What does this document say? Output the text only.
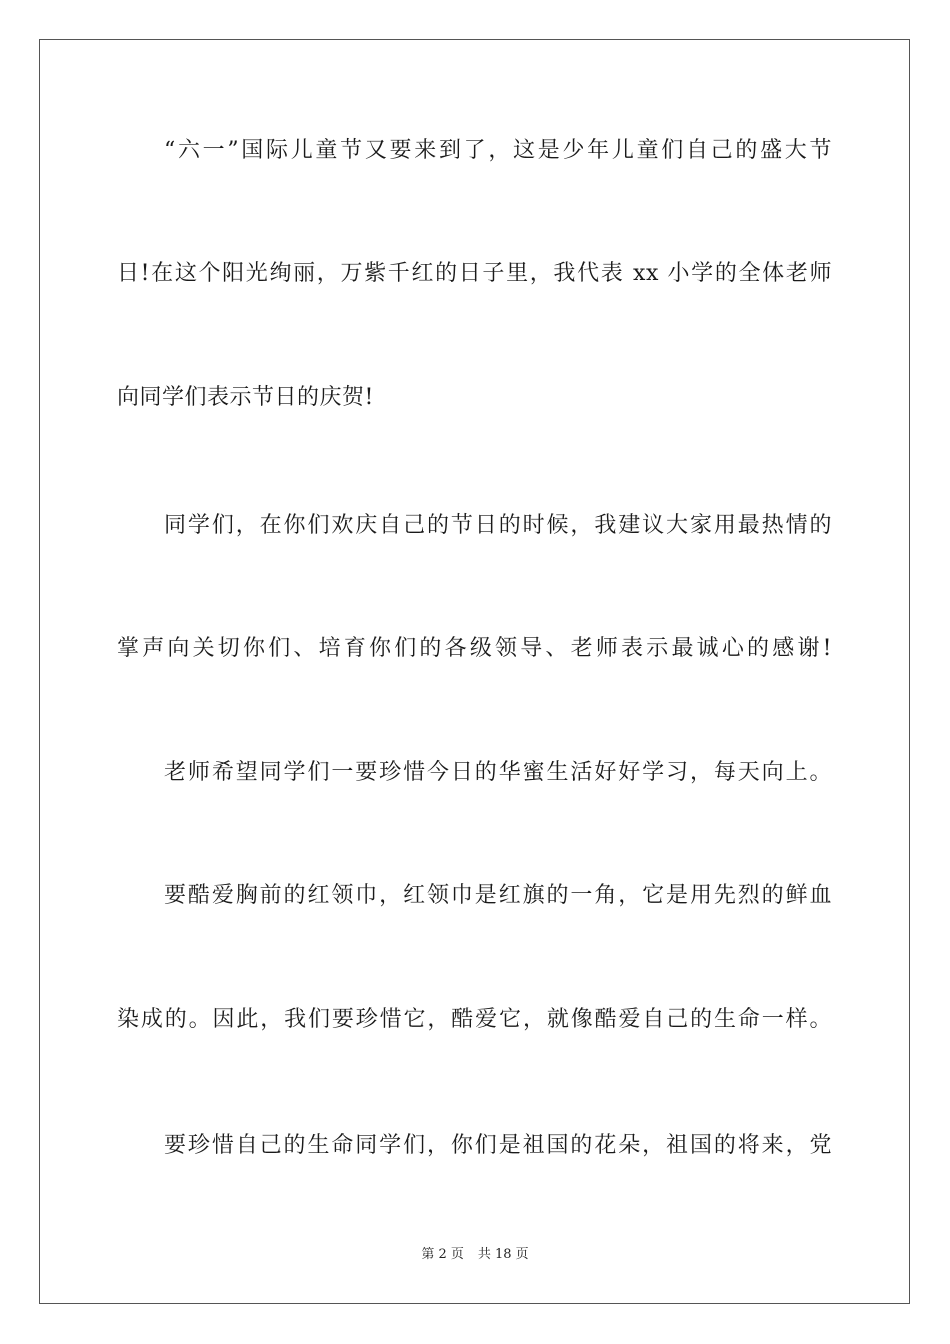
“六一”国际儿童节又要来到了，这是少年儿童们自己的盛大节
日!在这个阳光绚丽，万紫千红的日子里，我代表 xx 小学的全体老师
向同学们表示节日的庆贺!
同学们，在你们欢庆自己的节日的时候，我建议大家用最热情的
掌声向关切你们、培育你们的各级领导、老师表示最诚心的感谢!
老师希望同学们一要珍惜今日的华蜜生活好好学习，每天向上。
要酷爱胸前的红领巾，红领巾是红旗的一角，它是用先烈的鲜血
染成的。因此，我们要珍惜它，酷爱它，就像酷爱自己的生命一样。
要珍惜自己的生命同学们，你们是祖国的花朵，祖国的将来，党
第 2 页 共 18 页
